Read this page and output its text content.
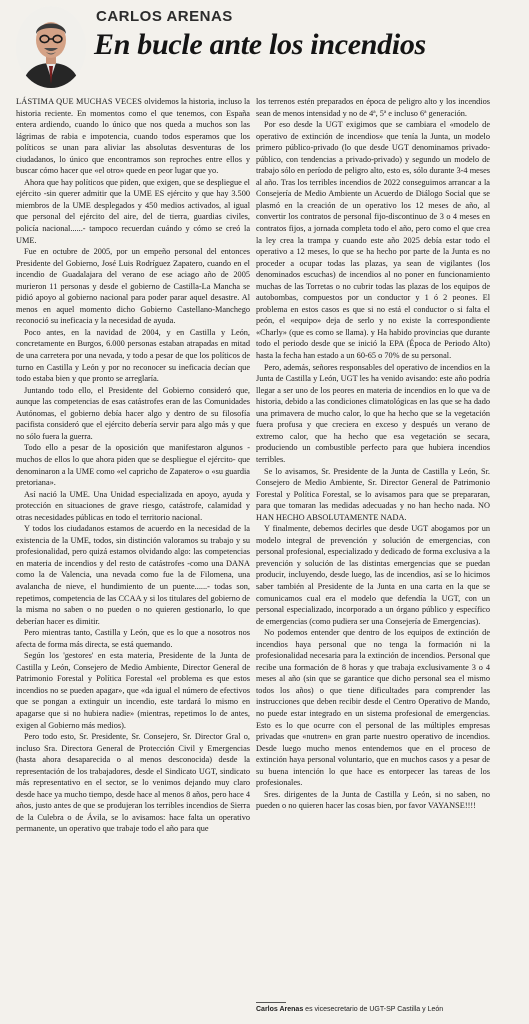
CARLOS ARENAS
En bucle ante los incendios

LÁSTIMA QUE MUCHAS VECES olvidemos la historia, incluso la historia reciente. En momentos como el que tenemos, con España entera ardiendo, cuando lo único que nos queda a muchos son las lágrimas de rabia e impotencia, cuando todos esperamos que los políticos se unan para aliviar las absolutas desventuras de los ciudadanos, lo único que encontramos son reproches entre ellos y buscar cómo hacer que «el otro» quede en peor lugar que yo.

Ahora que hay políticos que piden, que exigen, que se despliegue el ejército -sin querer admitir que la UME ES ejército y que hay 3.500 miembros de la UME desplegados y 450 medios activados, al igual que personal del ejército del aire, del de tierra, guardias civiles, policía nacional......- tampoco recuerdan cuándo y cómo se creó la UME.

Fue en octubre de 2005, por un empeño personal del entonces Presidente del Gobierno, José Luis Rodríguez Zapatero, cuando en el incendio de Guadalajara del verano de ese aciago año de 2005 murieron 11 personas y desde el gobierno de Castilla-La Mancha se pidió apoyo al gobierno nacional para poder parar aquel desastre. Al menos en aquel momento dicho Gobierno Castellano-Manchego reconoció su ineficacia y la necesidad de ayuda.

Poco antes, en la navidad de 2004, y en Castilla y León, concretamente en Burgos, 6.000 personas estaban atrapadas en mitad de una carretera por una nevada, y todo a pesar de que los políticos de turno en Castilla y León y por no reconocer su ineficacia decían que todo estaba bien y que pronto se arreglaría.

Juntando todo ello, el Presidente del Gobierno consideró que, aunque las competencias de esas catástrofes eran de las Comunidades Autónomas, el gobierno debía hacer algo y dentro de su filosofía pacifista consideró que el ejército debería servir para algo más y que no sólo fuera la guerra.

Todo ello a pesar de la oposición que manifestaron algunos -muchos de ellos lo que ahora piden que se despliegue el ejército- que denominaron a la UME como «el capricho de Zapatero» o «su guardia pretoriana».

Así nació la UME. Una Unidad especializada en apoyo, ayuda y protección en situaciones de grave riesgo, catástrofe, calamidad y otras necesidades públicas en todo el territorio nacional.

Y todos los ciudadanos estamos de acuerdo en la necesidad de la existencia de la UME, todos, sin distinción valoramos su trabajo y su profesionalidad, pero quizá estamos olvidando algo: las competencias en materia de incendios y del resto de catástrofes -como una DANA como la de Valencia, una nevada como fue la de Filomena, una avalancha de nieve, el hundimiento de un puente......- todas son, repetimos, competencia de las CCAA y si los titulares del gobierno de la misma no saben o no pueden o no quieren gestionarlo, lo que deberían hacer es dimitir.

Pero mientras tanto, Castilla y León, que es lo que a nosotros nos afecta de forma más directa, se está quemando.

Según los 'gestores' en esta materia, Presidente de la Junta de Castilla y León, Consejero de Medio Ambiente, Director General de Patrimonio Forestal y Política Forestal «el problema es que estos incendios no se pueden apagar», que «da igual el número de efectivos que se pongan a extinguir un incendio, este tardará lo mismo en apagarse que si no hubiera nadie» (mientras, repetimos lo de antes, exigen al Gobierno más medios).

Pero todo esto, Sr. Presidente, Sr. Consejero, Sr. Director Gral o, incluso Sra. Directora General de Protección Civil y Emergencias (hasta ahora desaparecida o al menos desconocida) desde la representación de los trabajadores, desde el Sindicato UGT, sindicato más representativo en el sector, se lo venimos dejando muy claro desde hace ya mucho tiempo, desde hace al menos 8 años, pero hace 4 años, justo antes de que se produjeran los terribles incendios de Sierra de la Culebra o de Ávila, se lo avisamos: hace falta un operativo permanente, un operativo que trabaje todo el año para que

los terrenos estén preparados en época de peligro alto y los incendios sean de menos intensidad y no de 4ª, 5ª e incluso 6ª generación.

Por eso desde la UGT exigimos que se cambiara el «modelo de operativo de extinción de incendios» que tenía la Junta, un modelo primero público-privado (lo que desde UGT denominamos privado-público, con tendencias a privado-privado) y segundo un modelo de trabajo sólo en período de peligro alto, esto es, sólo durante 3-4 meses al año. Tras los terribles incendios de 2022 conseguimos arrancar a la Consejería de Medio Ambiente un Acuerdo de Diálogo Social que se plasmó en la creación de un operativo los 12 meses de año, al convertir los contratos de personal fijo-discontinuo de 3 o 4 meses en contratos fijos, a jornada completa todo el año, pero como el que crea la ley crea la trampa y cuando este año 2025 debía estar todo el operativo a 12 meses, lo que se ha hecho por parte de la Junta es no proceder a ocupar todas las plazas, ya sean de vigilantes (los denominados escuchas) de incendios al no poner en funcionamiento muchas de las Torretas o no cubrir todas las plazas de los equipos de autobombas, compuestos por un conductor y 1 ó 2 peones. El problema en estos casos es que si no está el conductor o si falta el peón, el «equipo» deja de serlo y no existe la correspondiente «Charly» (que es como se llama). y Ha habido provincias que durante todo el periodo desde que se inició la EPA (Época de Periodo Alto) hasta la fecha han estado a un 60-65 o 70% de su personal.

Pero, además, señores responsables del operativo de incendios en la Junta de Castilla y León, UGT les ha venido avisando: este año podría llegar a ser uno de los peores en materia de incendios en lo que va de historia, debido a las condiciones climatológicas en las que se ha dado una primavera de mucho calor, lo que ha hecho que se la vegetación fuera profusa y que creciera en exceso y después un verano de extremo calor, que ha hecho que esa vegetación se secara, produciendo un combustible perfecto para que hubiera incendios terribles.

Se lo avisamos, Sr. Presidente de la Junta de Castilla y León, Sr. Consejero de Medio Ambiente, Sr. Director General de Patrimonio Forestal y Política Forestal, se lo avisamos para que se prepararan, para que tomaran las medidas adecuadas y no han hecho nada. NO HAN HECHO ABSOLUTAMENTE NADA.

Y finalmente, debemos decirles que desde UGT abogamos por un modelo integral de prevención y solución de emergencias, con personal profesional, especializado y dedicado de forma exclusiva a la prevención y solución de las distintas emergencias que se puedan producir, incluyendo, desde luego, las de incendios, así se lo hicimos saber también al Presidente de la Junta en una carta en la que se comunicamos cual era el modelo que defendía la UGT, con un personal especializado, incorporado a un órgano público y específico de emergencias (como pudiera ser una Consejería de Emergencias).

No podemos entender que dentro de los equipos de extinción de incendios haya personal que no tenga la formación ni la profesionalidad necesaria para la extinción de incendios. Personal que recibe una formación de 8 horas y que trabaja exclusivamente 3 o 4 meses al año (sin que se garantice que dicho personal sea el mismo todos los años) o que tiene dificultades para comprender las instrucciones que deben recibir desde el Centro Operativo de Mando, no puede estar integrado en un sistema profesional de emergencias. Esto es lo que ocurre con el personal de las múltiples empresas privadas que «nutren» en gran parte nuestro operativo de incendios. Desde luego mucho menos entendemos que en el proceso de extinción haya personal voluntario, que en muchos casos y a pesar de su buena intención lo que hace es entorpecer las tareas de los profesionales.

Sres. dirigentes de la Junta de Castilla y León, si no saben, no pueden o no quieren hacer las cosas bien, por favor VAYANSE!!!!

Carlos Arenas es vicesecretario de UGT-SP Castilla y León
